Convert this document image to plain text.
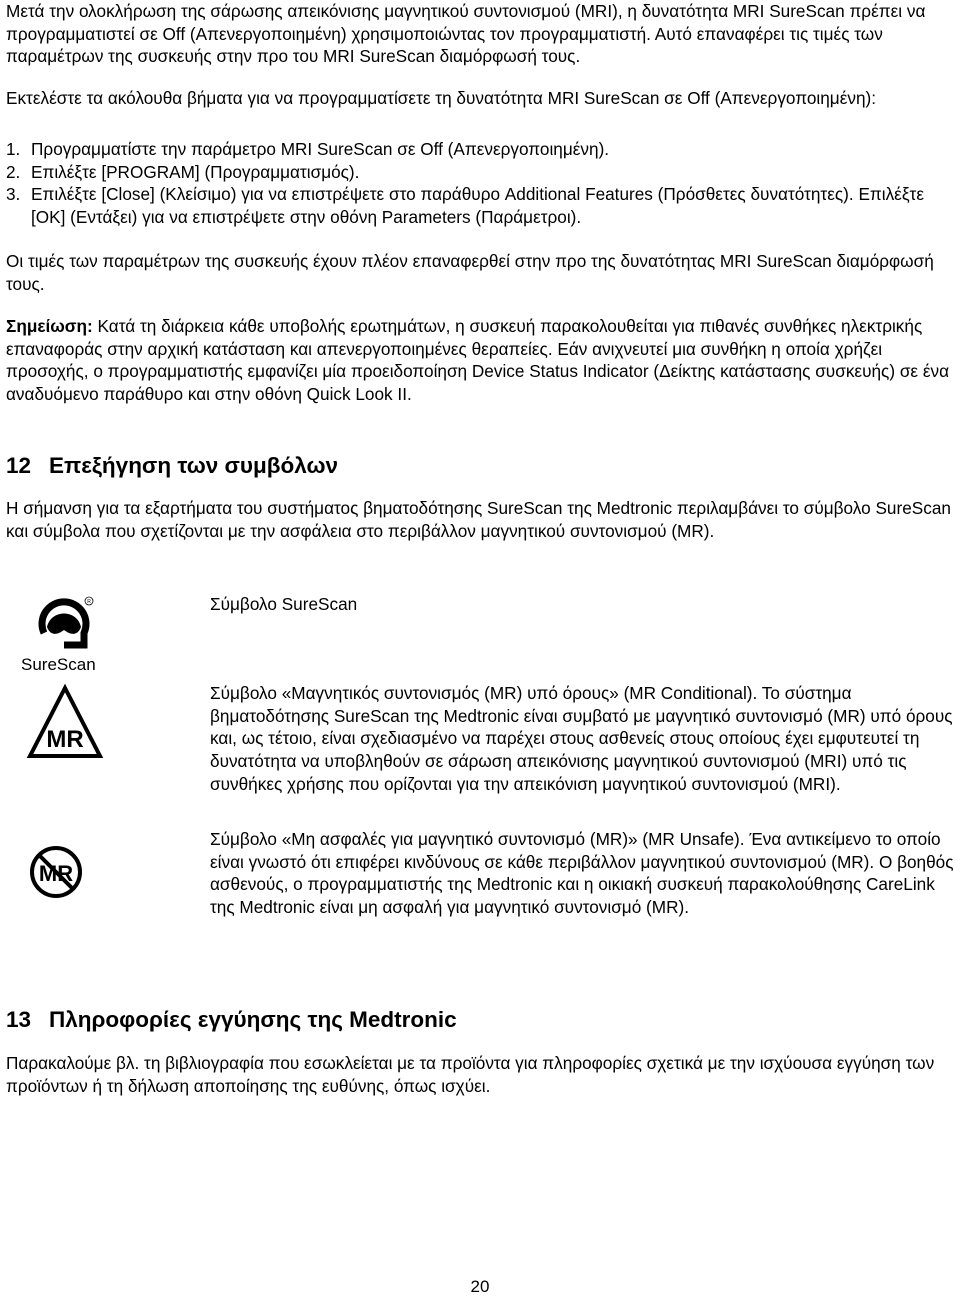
Μετά την ολοκλήρωση της σάρωσης απεικόνισης μαγνητικού συντονισμού (MRI), η δυνατότητα MRI SureScan πρέπει να προγραμματιστεί σε Off (Απενεργοποιημένη) χρησιμοποιώντας τον προγραμματιστή. Αυτό επαναφέρει τις τιμές των παραμέτρων της συσκευής στην προ του MRI SureScan διαμόρφωσή τους.

Εκτελέστε τα ακόλουθα βήματα για να προγραμματίσετε τη δυνατότητα MRI SureScan σε Off (Απενεργοποιημένη):

1. Προγραμματίστε την παράμετρο MRI SureScan σε Off (Απενεργοποιημένη).
2. Επιλέξτε [PROGRAM] (Προγραμματισμός).
3. Επιλέξτε [Close] (Κλείσιμο) για να επιστρέψετε στο παράθυρο Additional Features (Πρόσθετες δυνατότητες). Επιλέξτε [OK] (Εντάξει) για να επιστρέψετε στην οθόνη Parameters (Παράμετροι).

Οι τιμές των παραμέτρων της συσκευής έχουν πλέον επαναφερθεί στην προ της δυνατότητας MRI SureScan διαμόρφωσή τους.

Σημείωση: Κατά τη διάρκεια κάθε υποβολής ερωτημάτων, η συσκευή παρακολουθείται για πιθανές συνθήκες ηλεκτρικής επαναφοράς στην αρχική κατάσταση και απενεργοποιημένες θεραπείες. Εάν ανιχνευτεί μια συνθήκη η οποία χρήζει προσοχής, ο προγραμματιστής εμφανίζει μία προειδοποίηση Device Status Indicator (Δείκτης κατάστασης συσκευής) σε ένα αναδυόμενο παράθυρο και στην οθόνη Quick Look II.

12 Επεξήγηση των συμβόλων

Η σήμανση για τα εξαρτήματα του συστήματος βηματοδότησης SureScan της Medtronic περιλαμβάνει το σύμβολο SureScan και σύμβολα που σχετίζονται με την ασφάλεια στο περιβάλλον μαγνητικού συντονισμού (MR).

R
SureScan
Σύμβολο SureScan
MR
Σύμβολο «Μαγνητικός συντονισμός (MR) υπό όρους» (MR Conditional). Το σύστημα βηματοδότησης SureScan της Medtronic είναι συμβατό με μαγνητικό συντονισμό (MR) υπό όρους και, ως τέτοιο, είναι σχεδιασμένο να παρέχει στους ασθενείς στους οποίους έχει εμφυτευτεί τη δυνατότητα να υποβληθούν σε σάρωση απεικόνισης μαγνητικού συντονισμού (MRI) υπό τις συνθήκες χρήσης που ορίζονται για την απεικόνιση μαγνητικού συντονισμού (MRI).
MR
Σύμβολο «Μη ασφαλές για μαγνητικό συντονισμό (MR)» (MR Unsafe). Ένα αντικείμενο το οποίο είναι γνωστό ότι επιφέρει κινδύνους σε κάθε περιβάλλον μαγνητικού συντονισμού (MR). Ο βοηθός ασθενούς, ο προγραμματιστής της Medtronic και η οικιακή συσκευή παρακολούθησης CareLink της Medtronic είναι μη ασφαλή για μαγνητικό συντονισμό (MR).
13 Πληροφορίες εγγύησης της Medtronic

Παρακαλούμε βλ. τη βιβλιογραφία που εσωκλείεται με τα προϊόντα για πληροφορίες σχετικά με την ισχύουσα εγγύηση των προϊόντων ή τη δήλωση αποποίησης της ευθύνης, όπως ισχύει.

20
